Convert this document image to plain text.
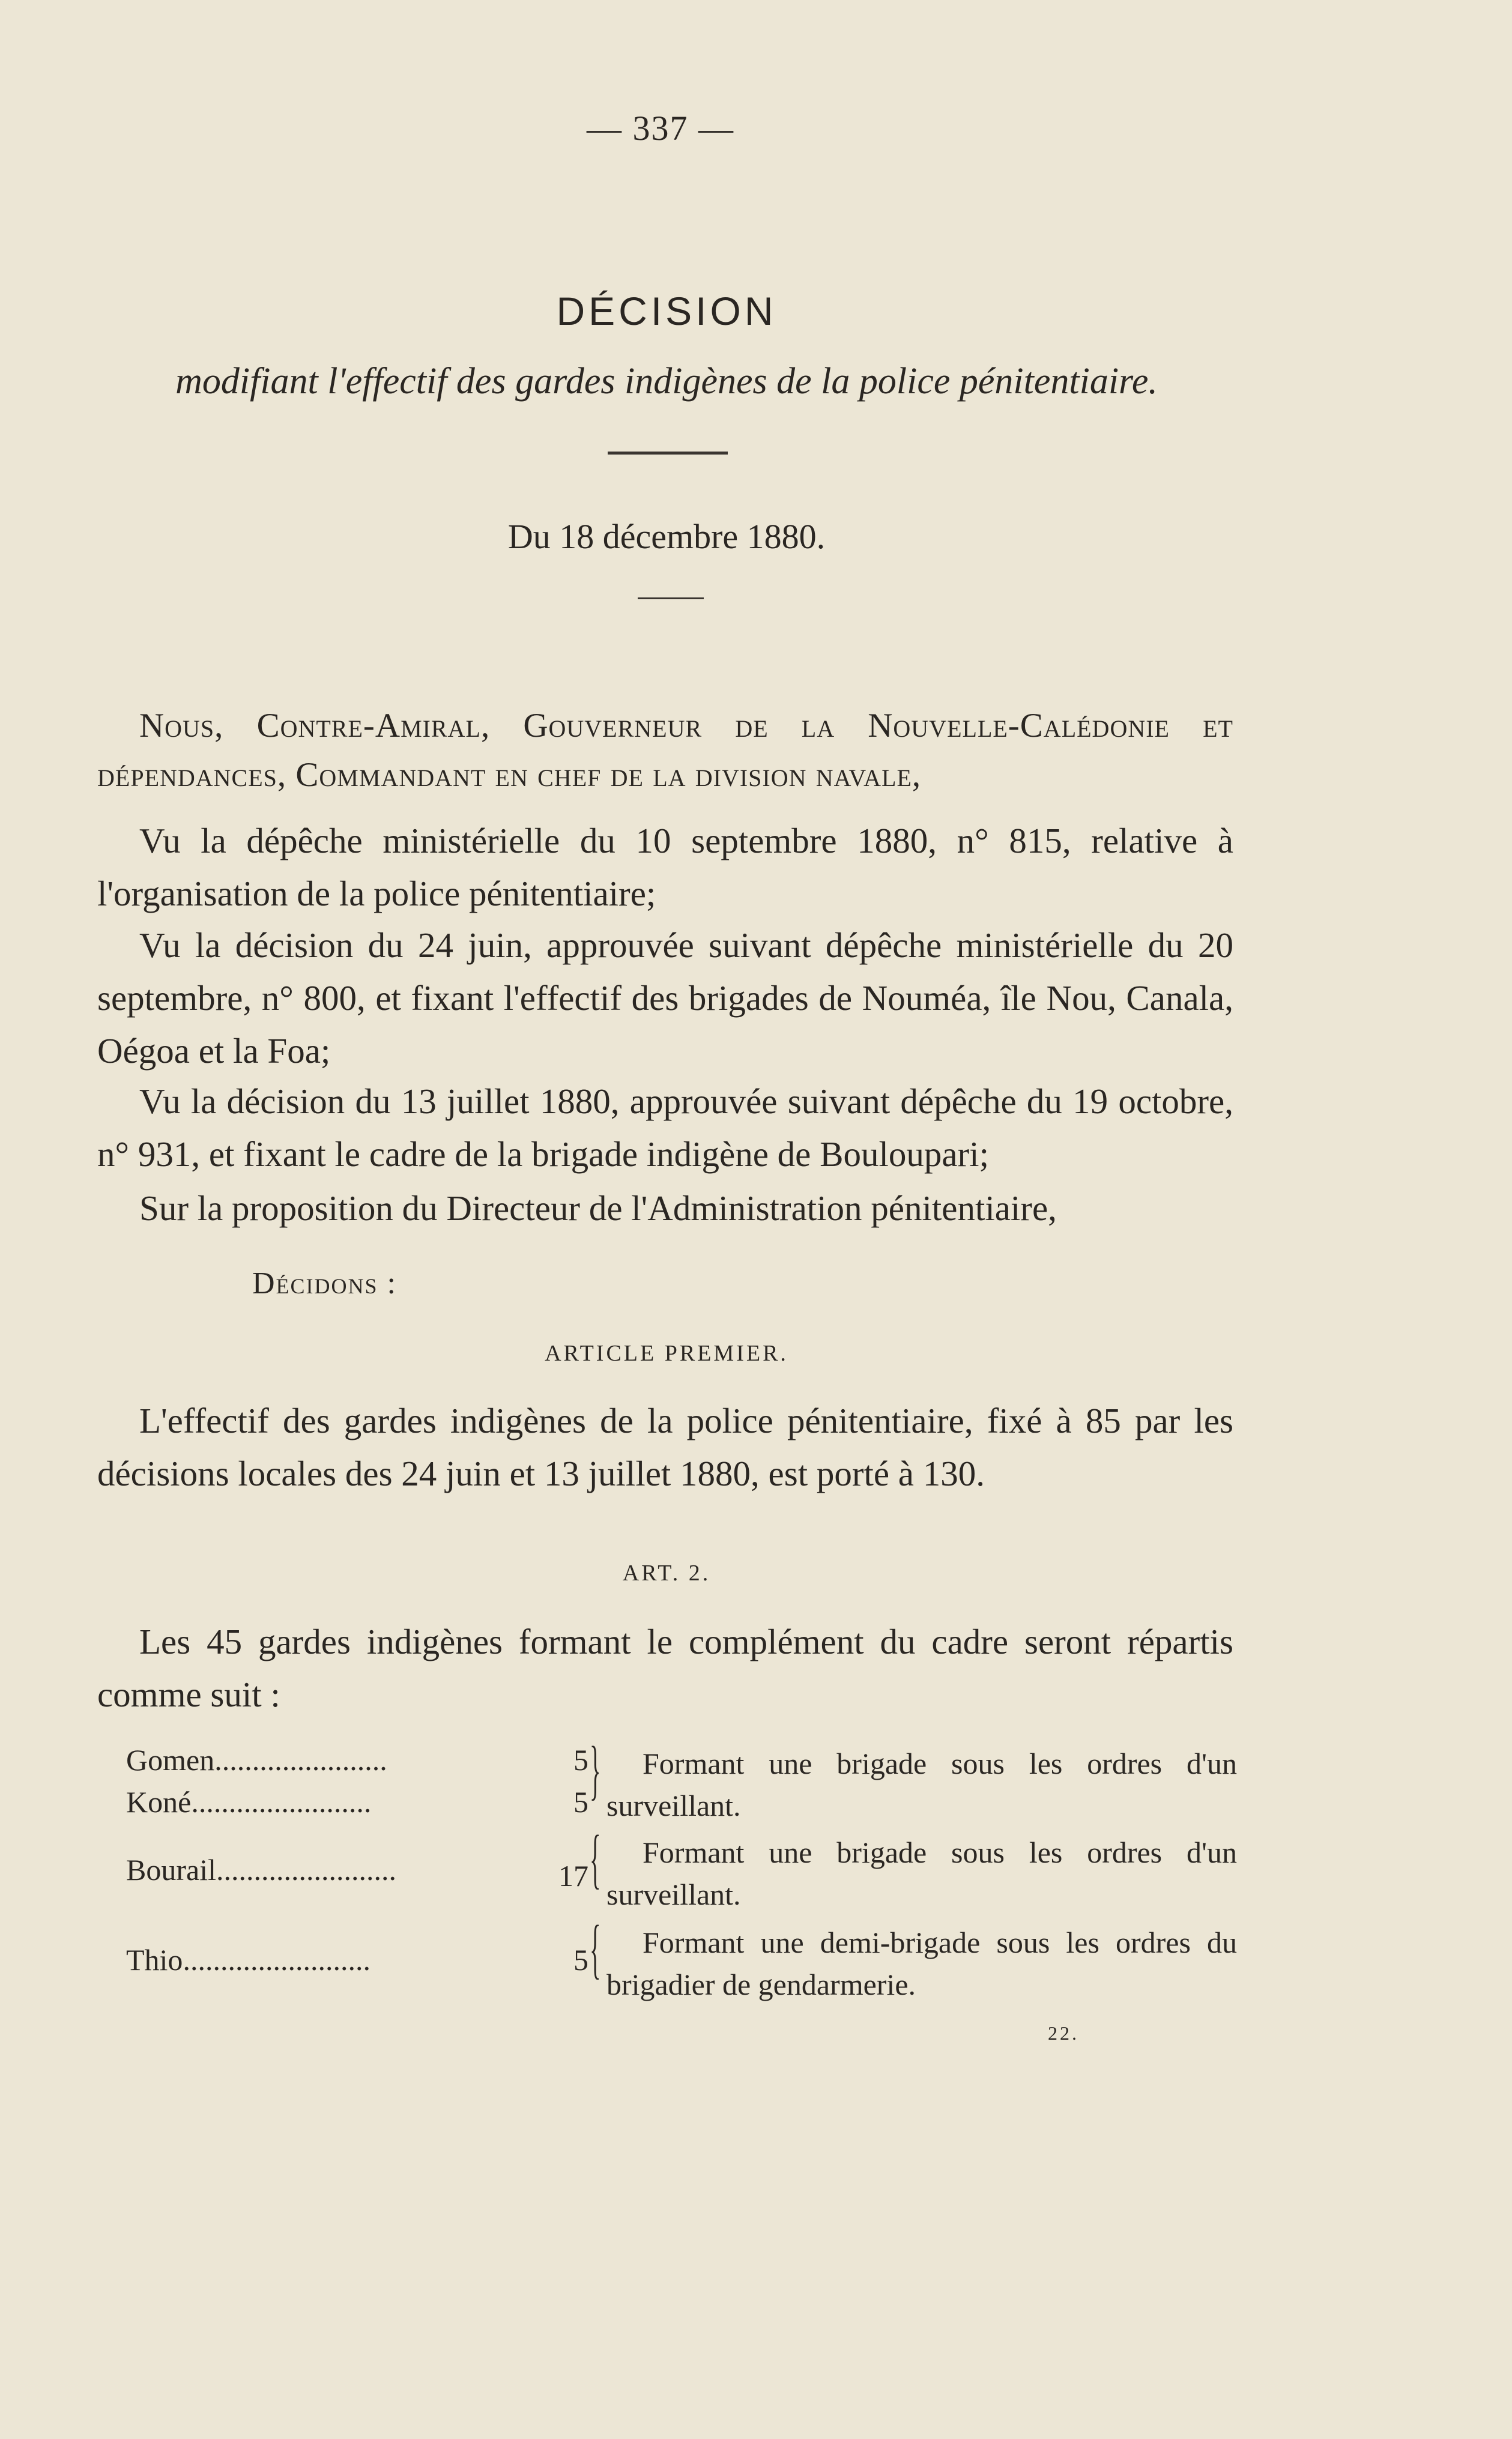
— 337 —
DÉCISION
modifiant l'effectif des gardes indigènes de la police pénitentiaire.
Du 18 décembre 1880.
Nous, Contre-Amiral, Gouverneur de la Nouvelle-Calédonie et dépendances, Commandant en chef de la division navale,
Vu la dépêche ministérielle du 10 septembre 1880, n° 815, relative à l'organisation de la police pénitentiaire;
Vu la décision du 24 juin, approuvée suivant dépêche ministérielle du 20 septembre, n° 800, et fixant l'effectif des brigades de Nouméa, île Nou, Canala, Oégoa et la Foa;
Vu la décision du 13 juillet 1880, approuvée suivant dépêche du 19 octobre, n° 931, et fixant le cadre de la brigade indigène de Bouloupari;
Sur la proposition du Directeur de l'Administration pénitentiaire,
Décidons :
ARTICLE PREMIER.
L'effectif des gardes indigènes de la police pénitentiaire, fixé à 85 par les décisions locales des 24 juin et 13 juillet 1880, est porté à 130.
ART. 2.
Les 45 gardes indigènes formant le complément du cadre seront répartis comme suit :
Gomen.......................	5
Koné........................	5 }	Formant une brigade sous les ordres d'un surveillant.
Bourail........................	17 {	Formant une brigade sous les ordres d'un surveillant.
Thio.........................	5 {	Formant une demi-brigade sous les ordres du brigadier de gendarmerie.
22.
